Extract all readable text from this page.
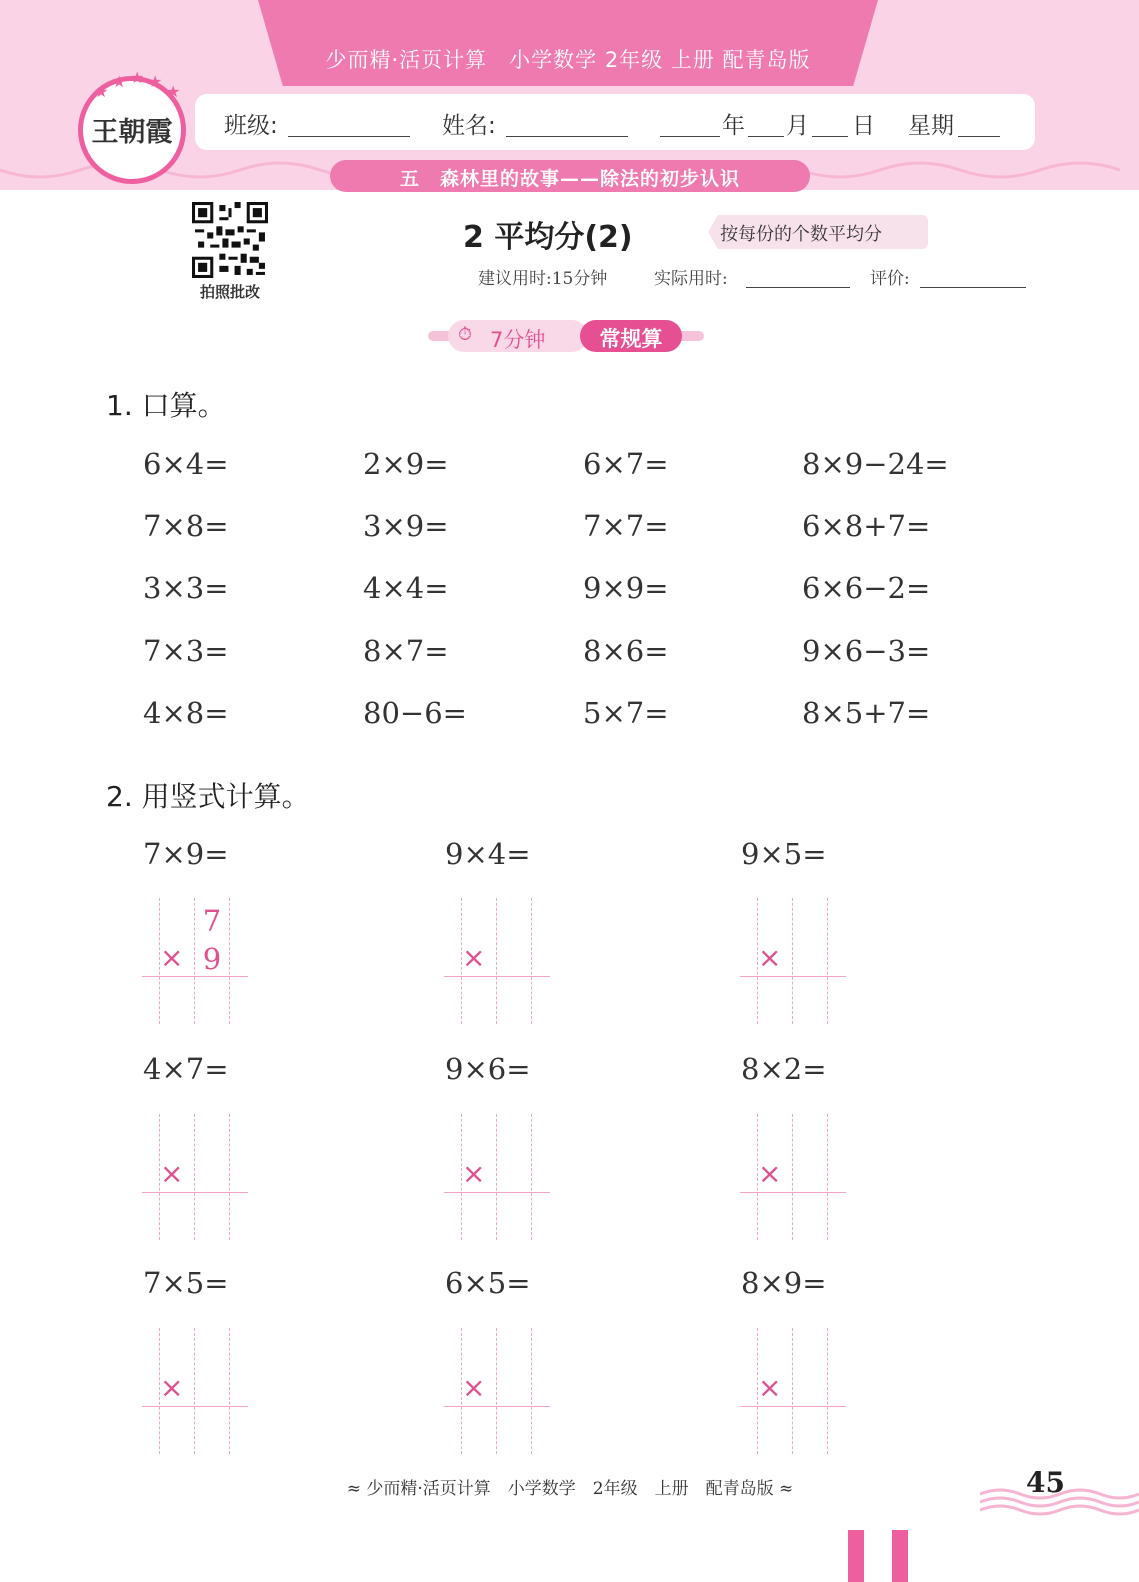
少而精·活页计算　小学数学 2年级 上册 配青岛版
班级:	姓名:	年 月 日 星期
五　森林里的故事——除法的初步认识
王朝霞
★
★ ★ ★
★
拍照批改
2 平均分(2)	按每份的个数平均分
建议用时:15分钟	实际用时:	评价:
⏱ 7分钟	常规算
1. 口算。
6×4=	2×9=	6×7=	8×9−24=
7×8=	3×9=	7×7=	6×8+7=
3×3=	4×4=	9×9=	6×6−2=
7×3=	8×7=	8×6=	9×6−3=
4×8=	80−6=	5×7=	8×5+7=
2. 用竖式计算。
7×9=	9×4=	9×5=
4×7=	9×6=	8×2=
7×5=	6×5=	8×9=
7
9
×	×	×
×	×	×
×	×	×
≈ 少而精·活页计算　小学数学　2年级　上册　配青岛版 ≈	45
